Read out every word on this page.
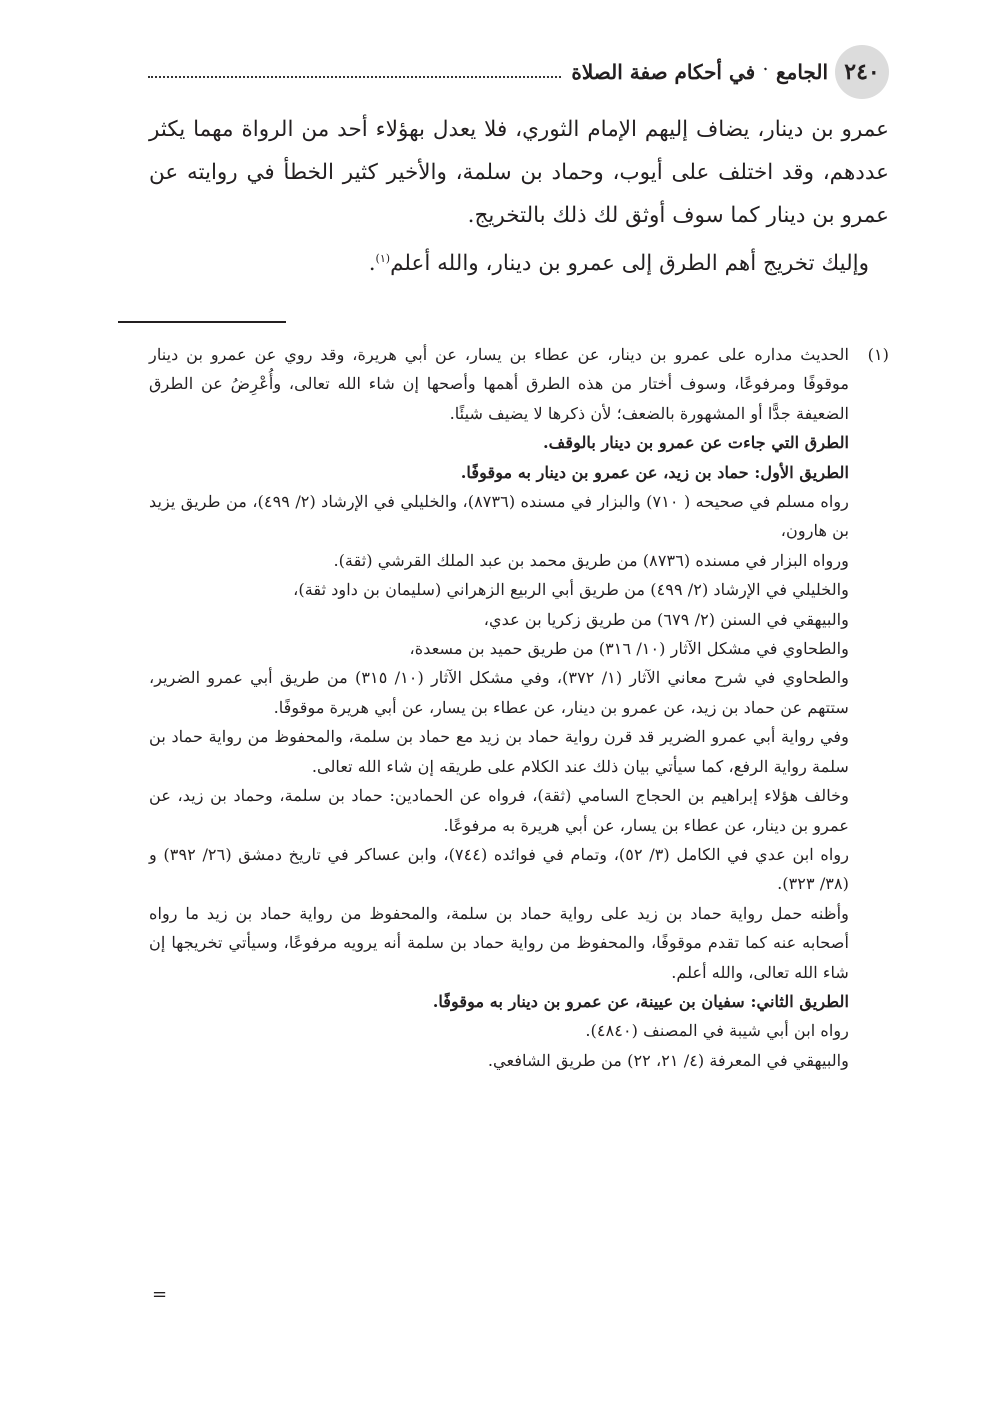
٢٤٠
الجامع ﮲ في أحكام صفة الصلاة

عمرو بن دينار، يضاف إليهم الإمام الثوري، فلا يعدل بهؤلاء أحد من الرواة مهما يكثر عددهم، وقد اختلف على أيوب، وحماد بن سلمة، والأخير كثير الخطأ في روايته عن عمرو بن دينار كما سوف أوثق لك ذلك بالتخريج.

وإليك تخريج أهم الطرق إلى عمرو بن دينار، والله أعلم$^{(١)}$.

(١)
الحديث مداره على عمرو بن دينار، عن عطاء بن يسار، عن أبي هريرة، وقد روي عن عمرو بن دينار موقوفًا ومرفوعًا، وسوف أختار من هذه الطرق أهمها وأصحها إن شاء الله تعالى، وأُعْرِضُ عن الطرق الضعيفة جدًّا أو المشهورة بالضعف؛ لأن ذكرها لا يضيف شيئًا.

الطرق التي جاءت عن عمرو بن دينار بالوقف.

الطريق الأول: حماد بن زيد، عن عمرو بن دينار به موقوفًا.

رواه مسلم في صحيحه ( ٧١٠) والبزار في مسنده (٨٧٣٦)، والخليلي في الإرشاد (٢/ ٤٩٩)، من طريق يزيد بن هارون،

ورواه البزار في مسنده (٨٧٣٦) من طريق محمد بن عبد الملك القرشي (ثقة).

والخليلي في الإرشاد (٢/ ٤٩٩) من طريق أبي الربيع الزهراني (سليمان بن داود ثقة)،

والبيهقي في السنن (٢/ ٦٧٩) من طريق زكريا بن عدي،

والطحاوي في مشكل الآثار (١٠/ ٣١٦) من طريق حميد بن مسعدة،

والطحاوي في شرح معاني الآثار (١/ ٣٧٢)، وفي مشكل الآثار (١٠/ ٣١٥) من طريق أبي عمرو الضرير، ستتهم عن حماد بن زيد، عن عمرو بن دينار، عن عطاء بن يسار، عن أبي هريرة موقوفًا.

وفي رواية أبي عمرو الضرير قد قرن رواية حماد بن زيد مع حماد بن سلمة، والمحفوظ من رواية حماد بن سلمة رواية الرفع، كما سيأتي بيان ذلك عند الكلام على طريقه إن شاء الله تعالى.

وخالف هؤلاء إبراهيم بن الحجاج السامي (ثقة)، فرواه عن الحمادين: حماد بن سلمة، وحماد بن زيد، عن عمرو بن دينار، عن عطاء بن يسار، عن أبي هريرة به مرفوعًا.

رواه ابن عدي في الكامل (٣/ ٥٢)، وتمام في فوائده (٧٤٤)، وابن عساكر في تاريخ دمشق (٢٦/ ٣٩٢) و (٣٨/ ٣٢٣).

وأظنه حمل رواية حماد بن زيد على رواية حماد بن سلمة، والمحفوظ من رواية حماد بن زيد ما رواه أصحابه عنه كما تقدم موقوفًا، والمحفوظ من رواية حماد بن سلمة أنه يرويه مرفوعًا، وسيأتي تخريجها إن شاء الله تعالى، والله أعلم.

الطريق الثاني: سفيان بن عيينة، عن عمرو بن دينار به موقوفًا.

رواه ابن أبي شيبة في المصنف (٤٨٤٠).

والبيهقي في المعرفة (٤/ ٢١، ٢٢) من طريق الشافعي.

=
